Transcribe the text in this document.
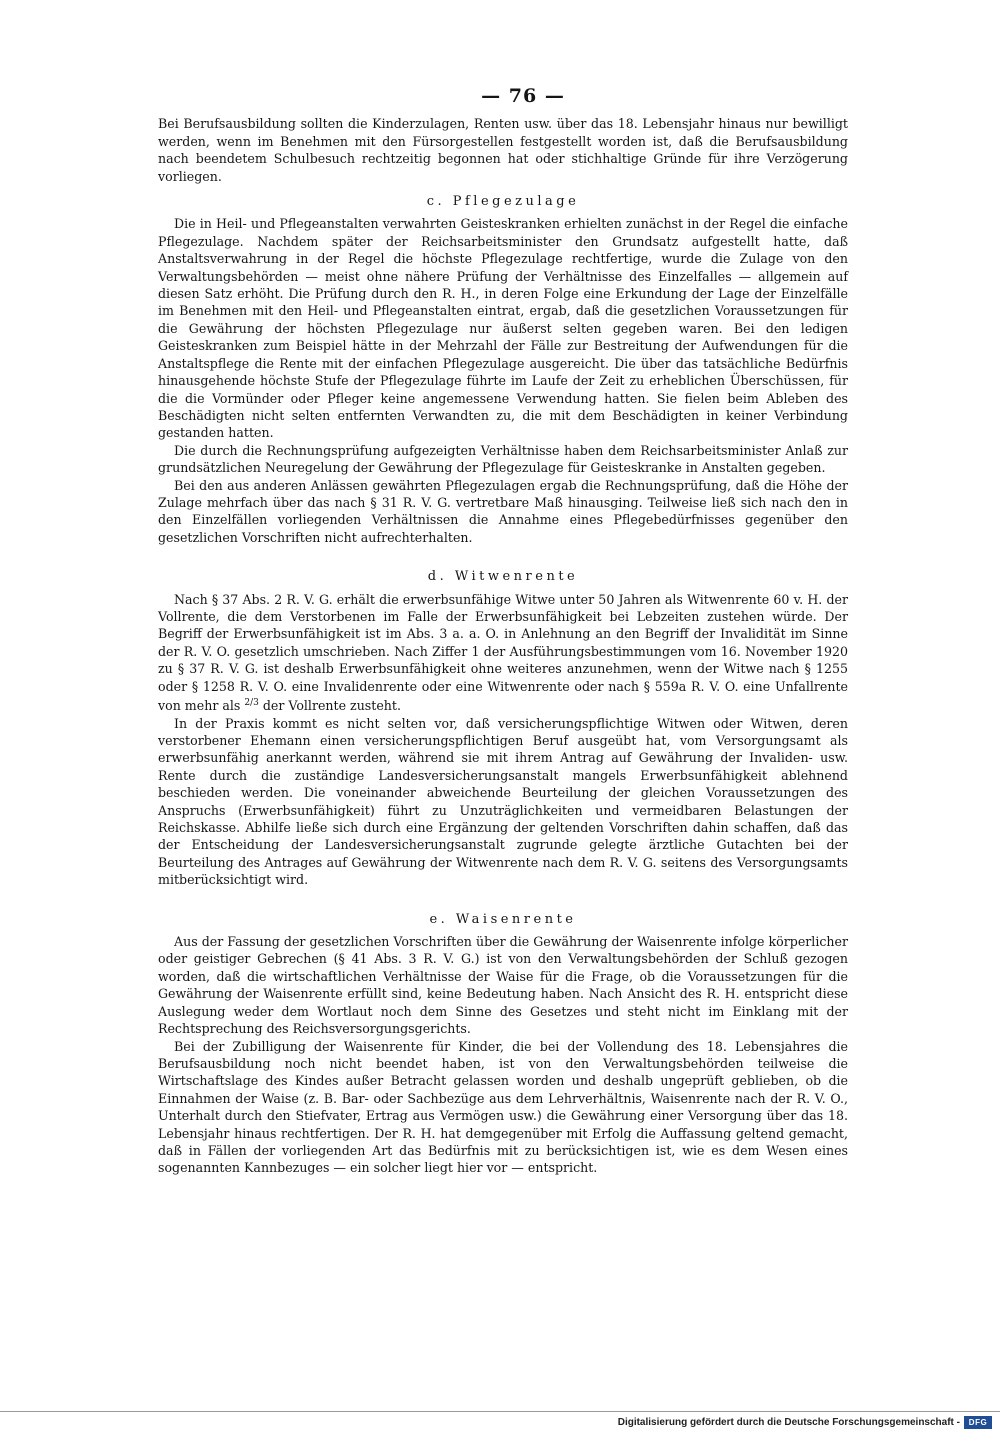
— 76 —

Bei Berufsausbildung sollten die Kinderzulagen, Renten usw. über das 18. Lebensjahr hinaus nur bewilligt werden, wenn im Benehmen mit den Fürsorgestellen festgestellt worden ist, daß die Berufsausbildung nach beendetem Schulbesuch rechtzeitig begonnen hat oder stichhaltige Gründe für ihre Verzögerung vorliegen.

c. Pflegezulage

Die in Heil- und Pflegeanstalten verwahrten Geisteskranken erhielten zunächst in der Regel die einfache Pflegezulage. Nachdem später der Reichsarbeitsminister den Grundsatz aufgestellt hatte, daß Anstaltsverwahrung in der Regel die höchste Pflegezulage rechtfertige, wurde die Zulage von den Verwaltungsbehörden — meist ohne nähere Prüfung der Verhältnisse des Einzelfalles — allgemein auf diesen Satz erhöht. Die Prüfung durch den R. H., in deren Folge eine Erkundung der Lage der Einzelfälle im Benehmen mit den Heil- und Pflegeanstalten eintrat, ergab, daß die gesetzlichen Voraussetzungen für die Gewährung der höchsten Pflegezulage nur äußerst selten gegeben waren. Bei den ledigen Geisteskranken zum Beispiel hätte in der Mehrzahl der Fälle zur Bestreitung der Aufwendungen für die Anstaltspflege die Rente mit der einfachen Pflegezulage ausgereicht. Die über das tatsächliche Bedürfnis hinausgehende höchste Stufe der Pflegezulage führte im Laufe der Zeit zu erheblichen Überschüssen, für die die Vormünder oder Pfleger keine angemessene Verwendung hatten. Sie fielen beim Ableben des Beschädigten nicht selten entfernten Verwandten zu, die mit dem Beschädigten in keiner Verbindung gestanden hatten.

Die durch die Rechnungsprüfung aufgezeigten Verhältnisse haben dem Reichsarbeitsminister Anlaß zur grundsätzlichen Neuregelung der Gewährung der Pflegezulage für Geisteskranke in Anstalten gegeben.

Bei den aus anderen Anlässen gewährten Pflegezulagen ergab die Rechnungsprüfung, daß die Höhe der Zulage mehrfach über das nach § 31 R. V. G. vertretbare Maß hinausging. Teilweise ließ sich nach den in den Einzelfällen vorliegenden Verhältnissen die Annahme eines Pflegebedürfnisses gegenüber den gesetzlichen Vorschriften nicht aufrechterhalten.

d. Witwenrente

Nach § 37 Abs. 2 R. V. G. erhält die erwerbsunfähige Witwe unter 50 Jahren als Witwenrente 60 v. H. der Vollrente, die dem Verstorbenen im Falle der Erwerbsunfähigkeit bei Lebzeiten zustehen würde. Der Begriff der Erwerbsunfähigkeit ist im Abs. 3 a. a. O. in Anlehnung an den Begriff der Invalidität im Sinne der R. V. O. gesetzlich umschrieben. Nach Ziffer 1 der Ausführungsbestimmungen vom 16. November 1920 zu § 37 R. V. G. ist deshalb Erwerbsunfähigkeit ohne weiteres anzunehmen, wenn der Witwe nach § 1255 oder § 1258 R. V. O. eine Invalidenrente oder eine Witwenrente oder nach § 559a R. V. O. eine Unfallrente von mehr als $^{2/3}$ der Vollrente zusteht.

In der Praxis kommt es nicht selten vor, daß versicherungspflichtige Witwen oder Witwen, deren verstorbener Ehemann einen versicherungspflichtigen Beruf ausgeübt hat, vom Versorgungsamt als erwerbsunfähig anerkannt werden, während sie mit ihrem Antrag auf Gewährung der Invaliden- usw. Rente durch die zuständige Landesversicherungsanstalt mangels Erwerbsunfähigkeit ablehnend beschieden werden. Die voneinander abweichende Beurteilung der gleichen Voraussetzungen des Anspruchs (Erwerbsunfähigkeit) führt zu Unzuträglichkeiten und vermeidbaren Belastungen der Reichskasse. Abhilfe ließe sich durch eine Ergänzung der geltenden Vorschriften dahin schaffen, daß das der Entscheidung der Landesversicherungsanstalt zugrunde gelegte ärztliche Gutachten bei der Beurteilung des Antrages auf Gewährung der Witwenrente nach dem R. V. G. seitens des Versorgungsamts mitberücksichtigt wird.

e. Waisenrente

Aus der Fassung der gesetzlichen Vorschriften über die Gewährung der Waisenrente infolge körperlicher oder geistiger Gebrechen (§ 41 Abs. 3 R. V. G.) ist von den Verwaltungsbehörden der Schluß gezogen worden, daß die wirtschaftlichen Verhältnisse der Waise für die Frage, ob die Voraussetzungen für die Gewährung der Waisenrente erfüllt sind, keine Bedeutung haben. Nach Ansicht des R. H. entspricht diese Auslegung weder dem Wortlaut noch dem Sinne des Gesetzes und steht nicht im Einklang mit der Rechtsprechung des Reichsversorgungsgerichts.

Bei der Zubilligung der Waisenrente für Kinder, die bei der Vollendung des 18. Lebensjahres die Berufsausbildung noch nicht beendet haben, ist von den Verwaltungsbehörden teilweise die Wirtschaftslage des Kindes außer Betracht gelassen worden und deshalb ungeprüft geblieben, ob die Einnahmen der Waise (z. B. Bar- oder Sachbezüge aus dem Lehrverhältnis, Waisenrente nach der R. V. O., Unterhalt durch den Stiefvater, Ertrag aus Vermögen usw.) die Gewährung einer Versorgung über das 18. Lebensjahr hinaus rechtfertigen. Der R. H. hat demgegenüber mit Erfolg die Auffassung geltend gemacht, daß in Fällen der vorliegenden Art das Bedürfnis mit zu berücksichtigen ist, wie es dem Wesen eines sogenannten Kannbezuges — ein solcher liegt hier vor — entspricht.

Digitalisierung gefördert durch die Deutsche Forschungsgemeinschaft -	DFG
